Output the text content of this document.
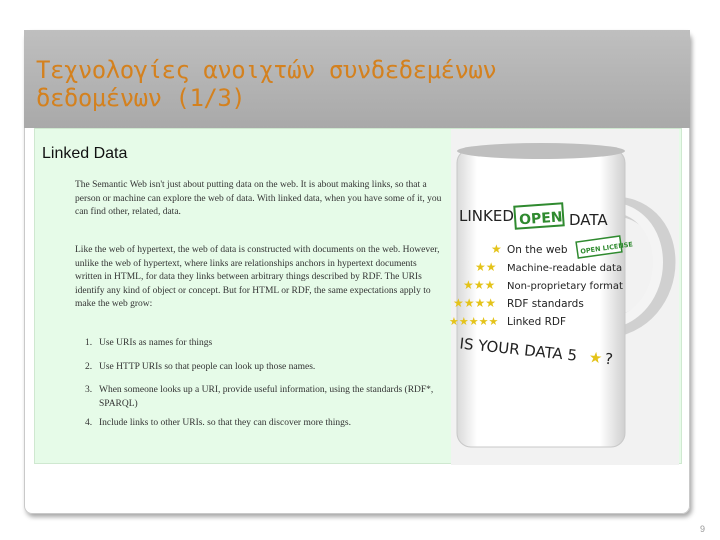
Τεχνολογίες ανοιχτών συνδεδεμένων
δεδομένων (1/3)
Linked Data

The Semantic Web isn't just about putting data on the web. It is about making links, so that a person or machine can explore the web of data. With linked data, when you have some of it, you can find other, related, data.

Like the web of hypertext, the web of data is constructed with documents on the web. However, unlike the web of hypertext, where links are relationships anchors in hypertext documents written in HTML, for data they links between arbitrary things described by RDF. The URIs identify any kind of object or concept. But for HTML or RDF, the same expectations apply to make the web grow:

1. Use URIs as names for things
2. Use HTTP URIs so that people can look up those names.
3. When someone looks up a URI, provide useful information, using the standards (RDF*, SPARQL)
4. Include links to other URIs. so that they can discover more things.
LINKED OPEN DATA
OPEN LICENSE
★ On the web
★★ Machine-readable data
★★★ Non-proprietary format
★★★★ RDF standards
★★★★★ Linked RDF
IS YOUR DATA 5 ★ ?
9
